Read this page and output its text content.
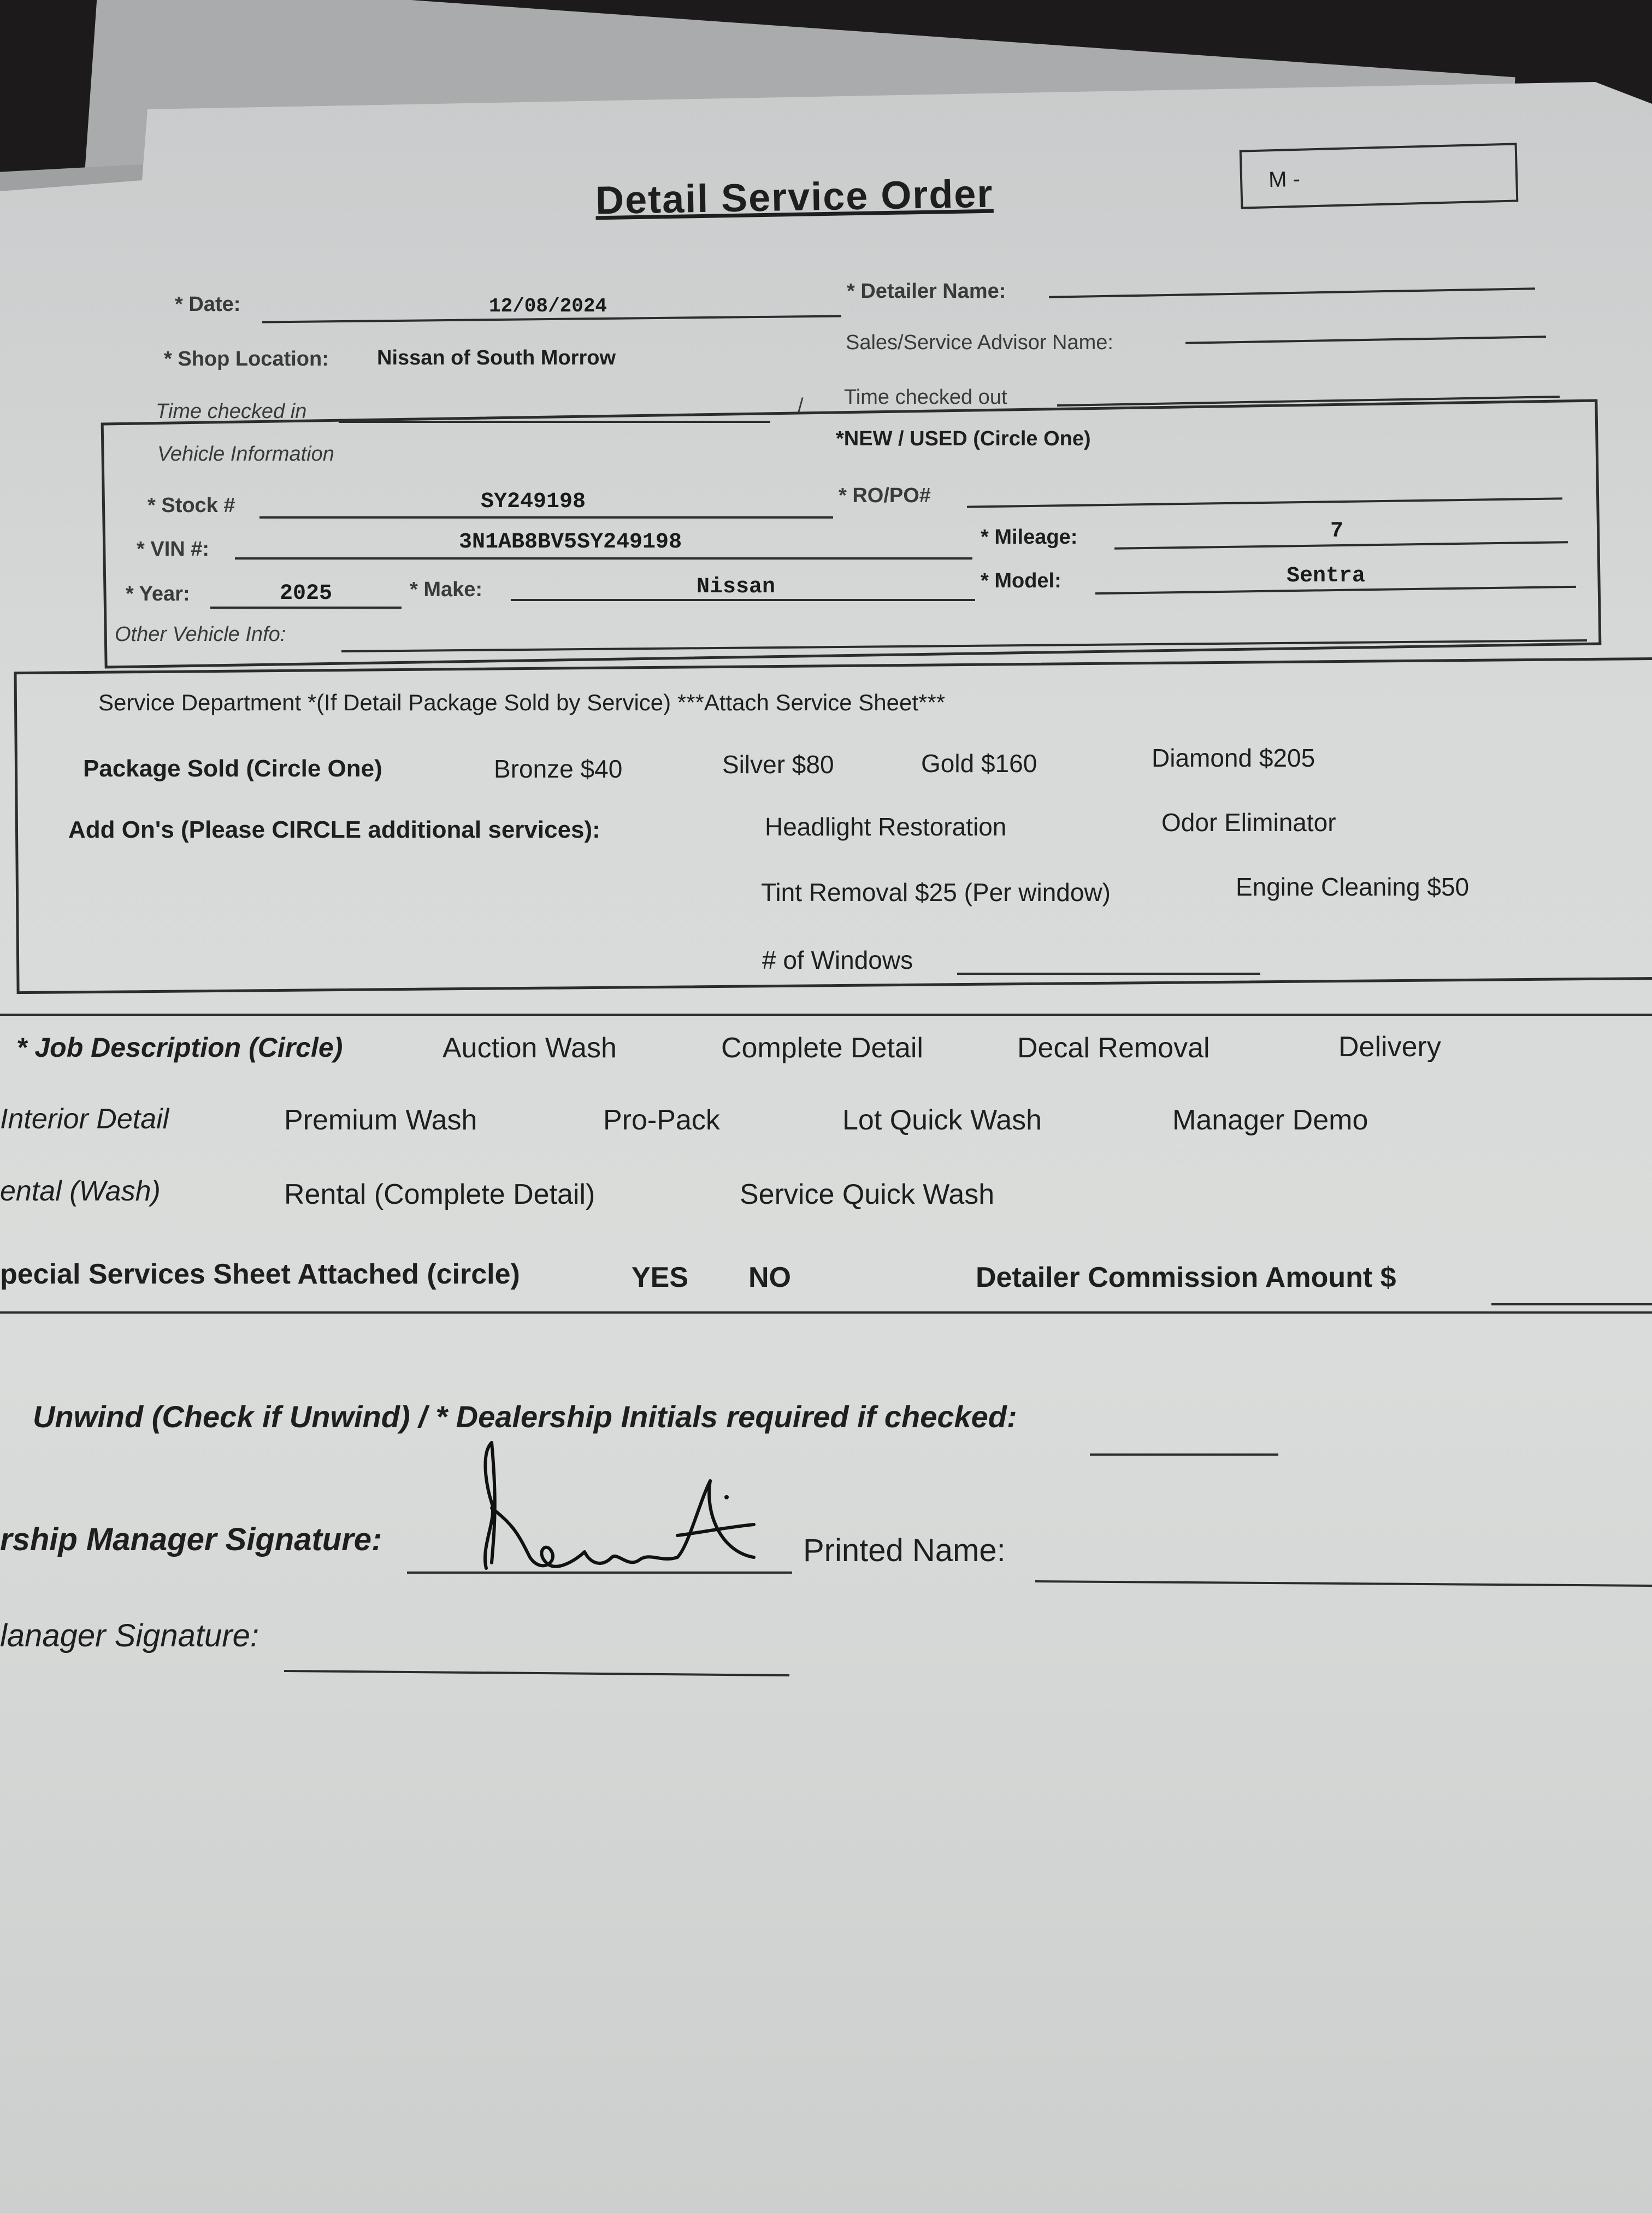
Detail Service Order	M -
* Date:	12/08/2024
* Detailer Name:
* Shop Location: Nissan of South Morrow
Sales/Service Advisor Name:
Time checked in	/ Time checked out
Vehicle Information
*NEW / USED (Circle One)
* Stock #	SY249198	* RO/PO#
* VIN #:	3N1AB8BV5SY249198	* Mileage:	7
* Year:	2025	* Make:	Nissan	* Model:	Sentra
Other Vehicle Info:
Service Department *(If Detail Package Sold by Service) ***Attach Service Sheet***
Package Sold (Circle One)	Bronze $40	Silver $80	Gold $160	Diamond $205
Add On's (Please CIRCLE additional services):	Headlight Restoration	Odor Eliminator
Tint Removal $25 (Per window)	Engine Cleaning $50
# of Windows
* Job Description (Circle)	Auction Wash	Complete Detail	Decal Removal	Delivery
Interior Detail	Premium Wash	Pro-Pack	Lot Quick Wash	Manager Demo
ental (Wash)	Rental (Complete Detail)	Service Quick Wash
pecial Services Sheet Attached (circle)	YES NO	Detailer Commission Amount $
Unwind (Check if Unwind) / * Dealership Initials required if checked:
rship Manager Signature:	Printed Name:
lanager Signature:
